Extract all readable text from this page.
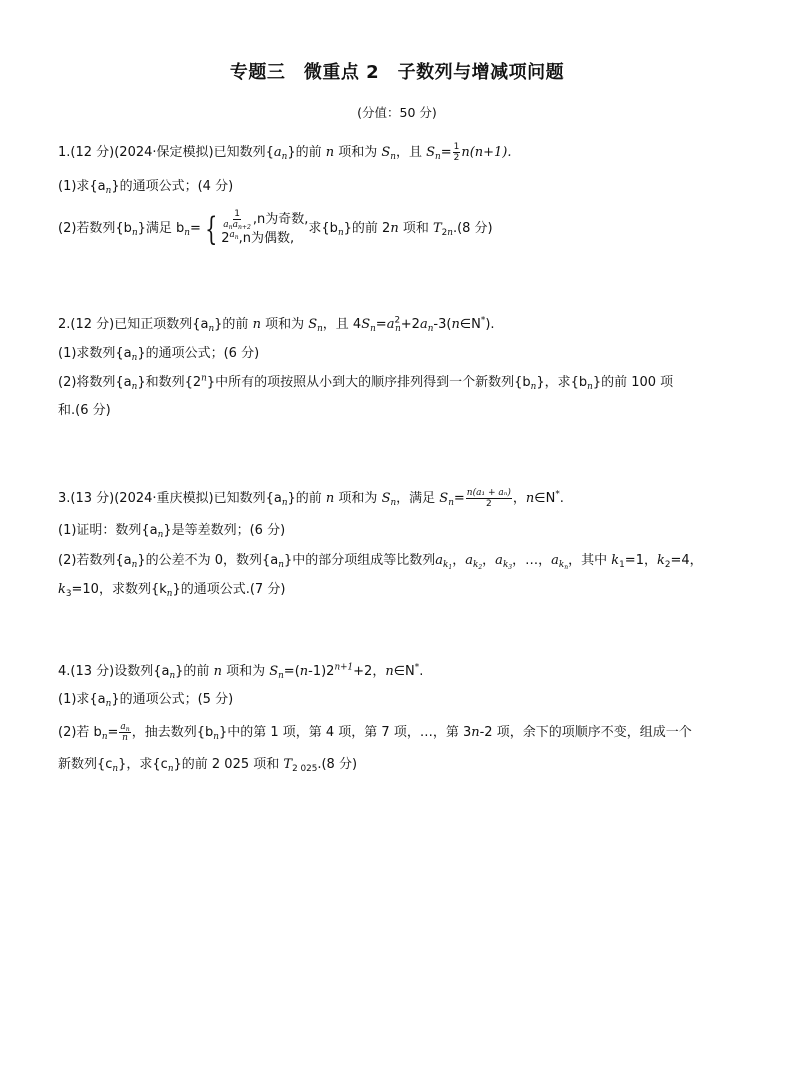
专题三　微重点 2　子数列与增减项问题
(分值：50 分)
1.(12 分)(2024·保定模拟)已知数列$\{a_n\}$的前 n 项和为 $S_n$，且 $S_n= \frac{1}{2} n(n+1)$.
(1)求$\{a_n\}$的通项公式；(4 分)
(2)若数列$\{b_n\}$满足 $b_n=$ { $\frac{1}{a_na_{n+2}} ,n$为奇数,
$2^{a_n},n$为偶数,
求$\{b_n\}$的前 2n 项和 $T_{2n}.(8$ 分)
2.(12 分)已知正项数列$\{a_n\}$的前 n 项和为 $S_n$，且 $4S_n=a^2_n+2a_n-3(n\in N^*)$.
(1)求数列$\{a_n\}$的通项公式；(6 分)
(2)将数列$\{a_n\}$和数列{2$^n$}中所有的项按照从小到大的顺序排列得到一个新数列$\{b_n\}$，求$\{b_n\}$的前 100 项
和.(6 分)
3.(13 分)(2024·重庆模拟)已知数列$\{a_n\}$的前 n 项和为 $S_n$，满足 $S_n= \frac{\text{n(a₁ + aₙ)}}{2}$ ，n∈N*.
(1)证明：数列$\{a_n\}$是等差数列；(6 分)
(2)若数列$\{a_n\}$的公差不为 0，数列$\{a_n\}$中的部分项组成等比数列$a_{k_1}$，$a_{k_2}$，$a_{k_3}$，…，$a_{k_n}$，其中 $k_1=1$，$k_2=4$，
$k_3=10$，求数列$\{k_n\}$的通项公式.(7 分)
4.(13 分)设数列$\{a_n\}$的前 n 项和为 $S_n=(n-1)2^{n+1}+2$，n∈N*.
(1)求$\{a_n\}$的通项公式；(5 分)
(2)若 $b_n= \frac{a_n}{n}$ ，抽去数列$\{b_n\}$中的第 1 项，第 4 项，第 7 项，…，第 3n-2 项，余下的项顺序不变，组成一个
新数列$\{c_n\}$，求$\{c_n\}$的前 2 025 项和 $T_{2 025}.(8$ 分)
